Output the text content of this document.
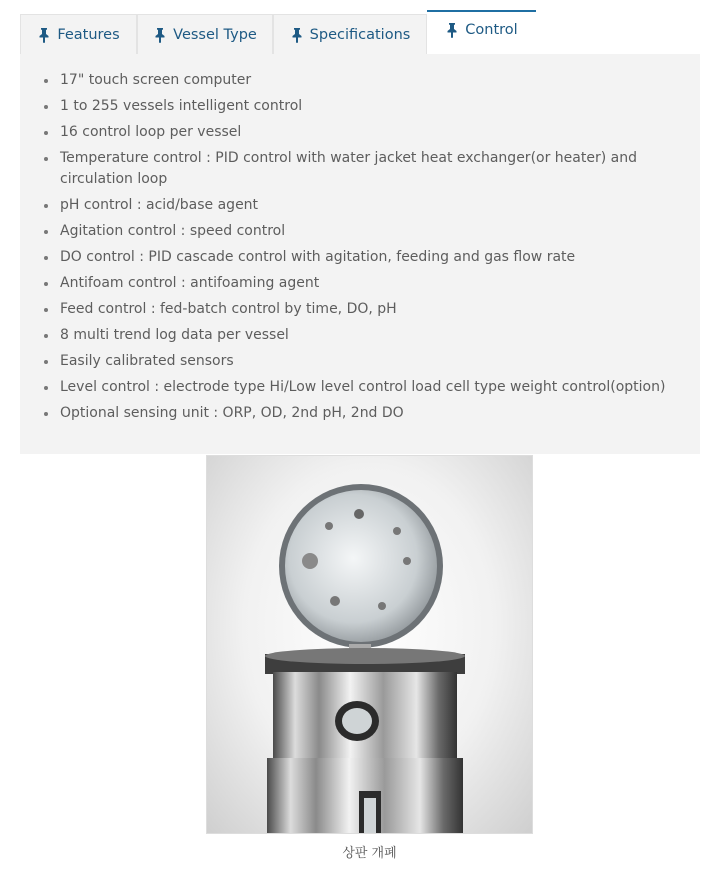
Features	Vessel Type	Specifications	Control
17" touch screen computer
1 to 255 vessels intelligent control
16 control loop per vessel
Temperature control : PID control with water jacket heat exchanger(or heater) and circulation loop
pH control : acid/base agent
Agitation control : speed control
DO control : PID cascade control with agitation, feeding and gas flow rate
Antifoam control : antifoaming agent
Feed control : fed-batch control by time, DO, pH
8 multi trend log data per vessel
Easily calibrated sensors
Level control : electrode type Hi/Low level control load cell type weight control(option)
Optional sensing unit : ORP, OD, 2nd pH, 2nd DO
상판 개폐
